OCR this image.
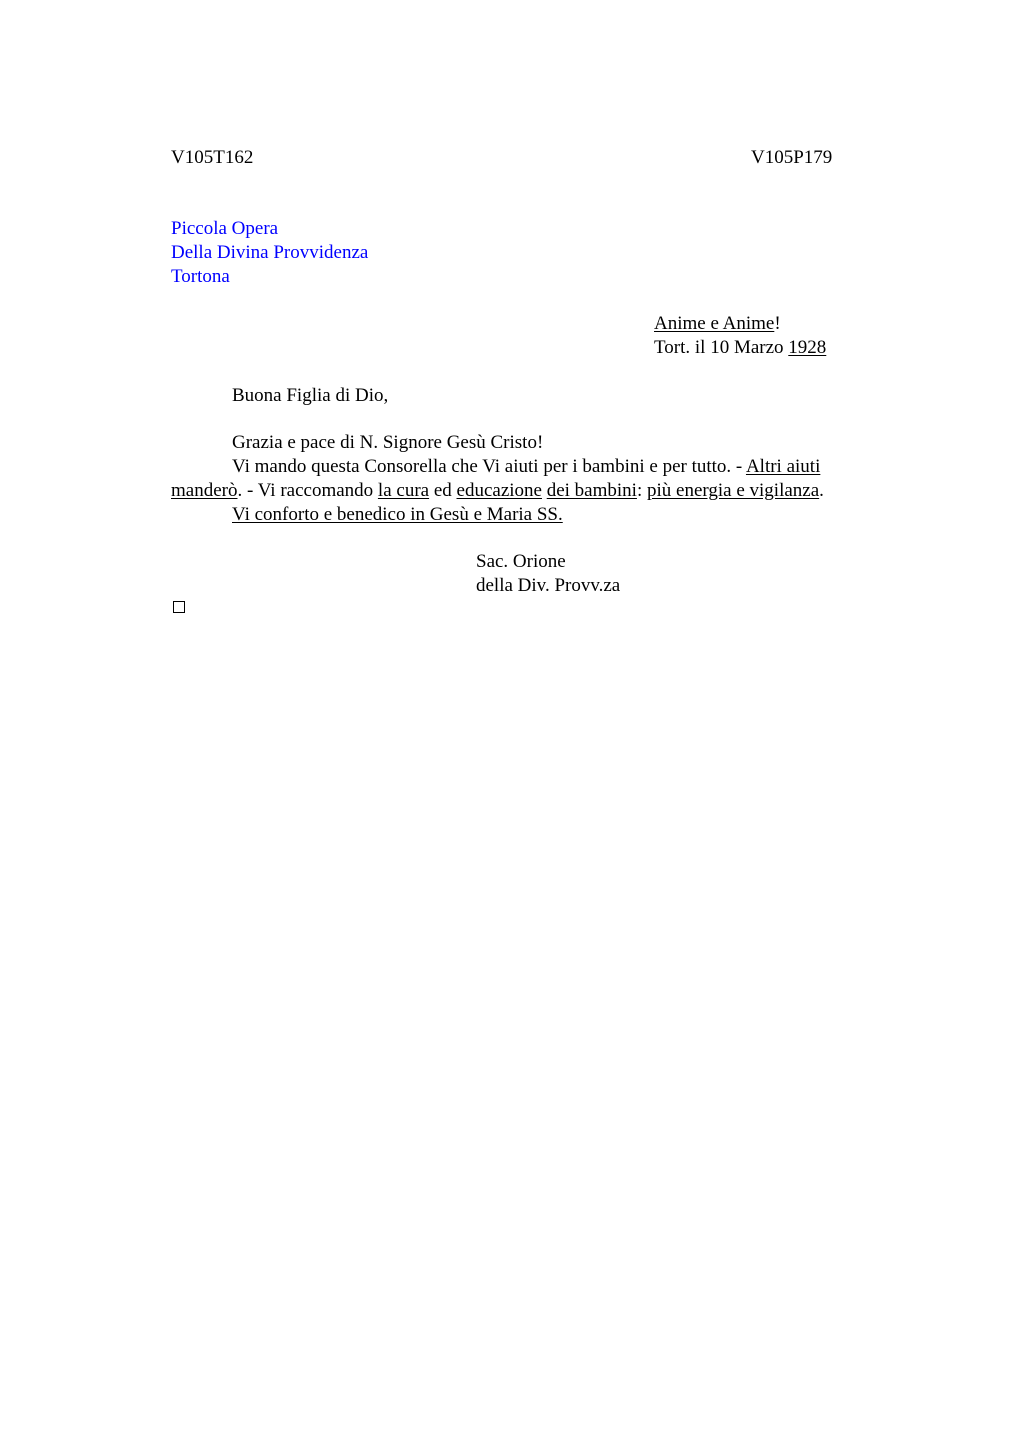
V105T162	V105P179
Piccola Opera
Della Divina Provvidenza
Tortona
Anime e Anime!
Tort. il 10 Marzo 1928
Buona Figlia di Dio,
Grazia e pace di N. Signore Gesù Cristo!
Vi mando questa Consorella che Vi aiuti per i bambini e per tutto. - Altri aiuti
manderò. - Vi raccomando la cura ed educazione dei bambini: più energia e vigilanza.
Vi conforto e benedico in Gesù e Maria SS.
Sac. Orione
della Div. Provv.za
